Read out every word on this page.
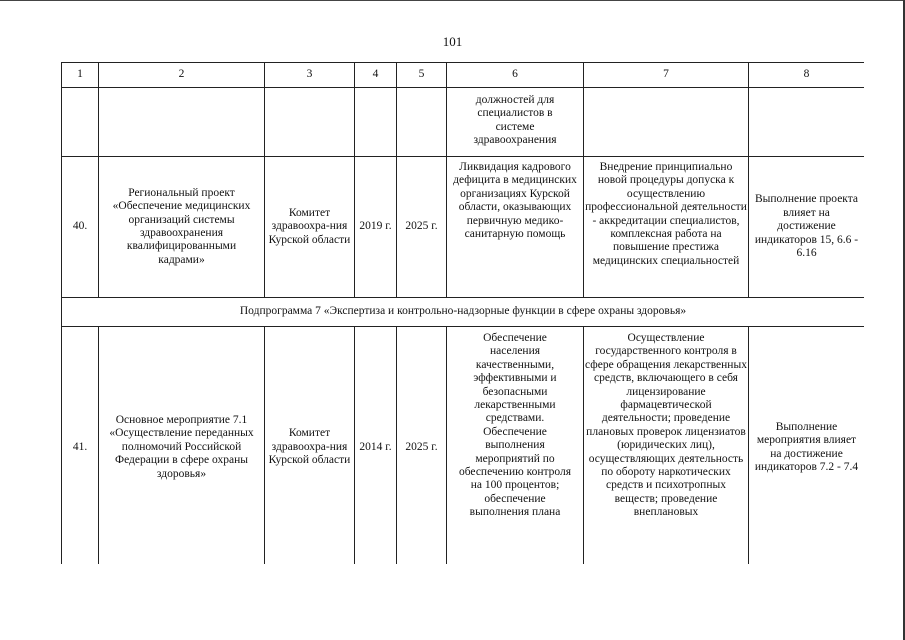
101
1	2	3	4	5	6	7	8

					должностей для специалистов в системе здравоохранения		

40.	Региональный проект «Обеспечение медицинских организаций системы здравоохранения квалифицированными кадрами»	Комитет здравоохра-ния Курской области	2019 г.	2025 г.	Ликвидация кадрового дефицита в медицинских организациях Курской области, оказывающих первичную медико-санитарную помощь	Внедрение принципиально новой процедуры допуска к осуществлению профессиональной деятельности - аккредитации специалистов, комплексная работа на повышение престижа медицинских специальностей	Выполнение проекта влияет на достижение индикаторов 15, 6.6 - 6.16

Подпрограмма 7 «Экспертиза и контрольно-надзорные функции в сфере охраны здоровья»							
41.	Основное мероприятие 7.1 «Осуществление переданных полномочий Российской Федерации в сфере охраны здоровья»	Комитет здравоохра-ния Курской области	2014 г.	2025 г.	Обеспечение населения качественными, эффективными и безопасными лекарственными средствами. Обеспечение выполнения мероприятий по обеспечению контроля на 100 процентов; обеспечение выполнения плана	Осуществление государственного контроля в сфере обращения лекарственных средств, включающего в себя лицензирование фармацевтической деятельности; проведение плановых проверок лицензиатов (юридических лиц), осуществляющих деятельность по обороту наркотических средств и психотропных веществ; проведение внеплановых	Выполнение мероприятия влияет на достижение индикаторов 7.2 - 7.4
